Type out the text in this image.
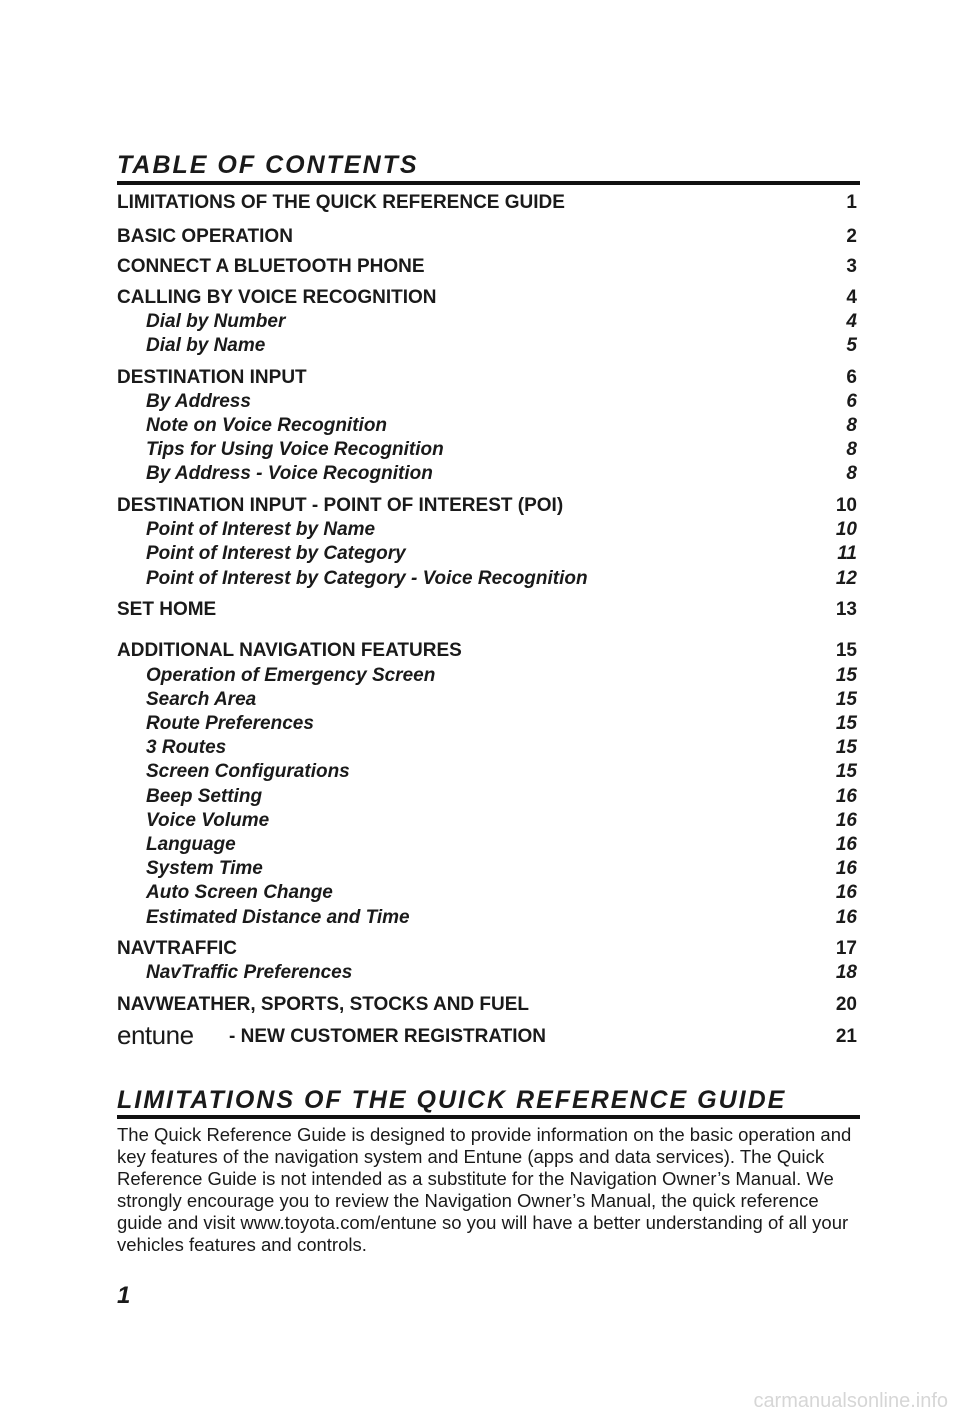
TABLE OF CONTENTS
LIMITATIONS OF THE QUICK REFERENCE GUIDE	1
BASIC OPERATION	2
CONNECT A BLUETOOTH PHONE	3
CALLING BY VOICE RECOGNITION	4
Dial by Number	4
Dial by Name	5
DESTINATION INPUT	6
By Address	6
Note on Voice Recognition	8
Tips for Using Voice Recognition	8
By Address - Voice Recognition	8
DESTINATION INPUT - POINT OF INTEREST (POI)	10
Point of Interest by Name	10
Point of Interest by Category	11
Point of Interest by Category - Voice Recognition	12
SET HOME	13
ADDITIONAL NAVIGATION FEATURES	15
Operation of Emergency Screen	15
Search Area	15
Route Preferences	15
3 Routes	15
Screen Configurations	15
Beep Setting	16
Voice Volume	16
Language	16
System Time	16
Auto Screen Change	16
Estimated Distance and Time	16
NAVTRAFFIC	17
NavTraffic Preferences	18
NAVWEATHER, SPORTS, STOCKS AND FUEL	20
entune - NEW CUSTOMER REGISTRATION	21
LIMITATIONS OF THE QUICK REFERENCE GUIDE

The Quick Reference Guide is designed to provide information on the basic operation and key features of the navigation system and Entune (apps and data services). The Quick Reference Guide is not intended as a substitute for the Navigation Owner’s Manual. We strongly encourage you to review the Navigation Owner’s Manual, the quick reference guide and visit www.toyota.com/entune so you will have a better understanding of all your vehicles features and controls.

1
carmanualsonline.info
